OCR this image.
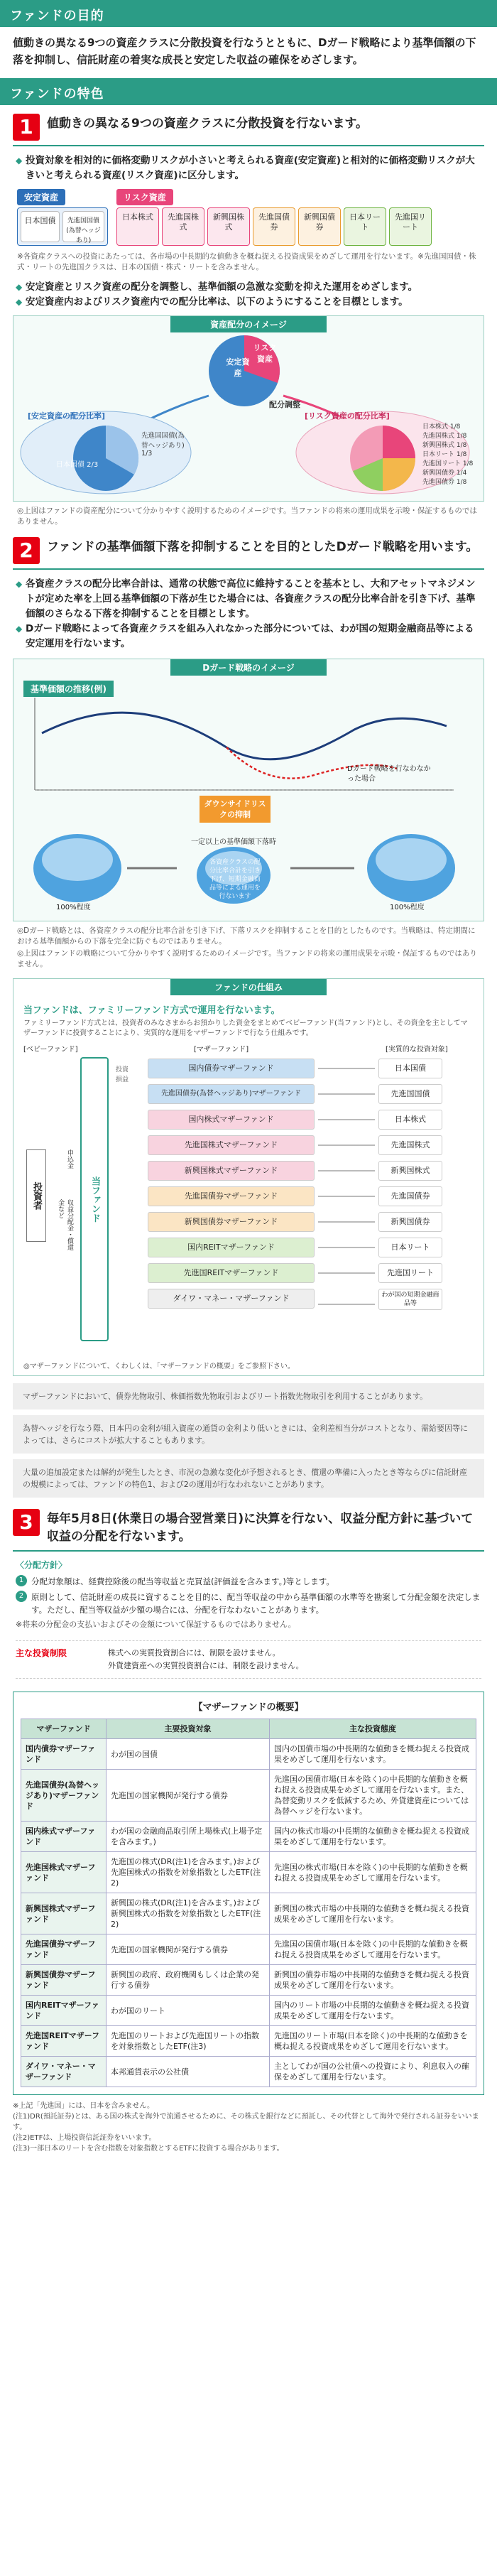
ファンドの目的
値動きの異なる9つの資産クラスに分散投資を行なうとともに、Dガード戦略により基準価額の下落を抑制し、信託財産の着実な成長と安定した収益の確保をめざします。
ファンドの特色
1	値動きの異なる9つの資産クラスに分散投資を行ないます。
◆ 投資対象を相対的に価格変動リスクが小さいと考えられる資産(安定資産)と相対的に価格変動リスクが大きいと考えられる資産(リスク資産)に区分します。
安定資産	リスク資産
日本国債	先進国国債(為替ヘッジあり)
日本株式	先進国株式
新興国株式
先進国債券
新興国債券
日本リート
先進国リート
※各資産クラスへの投資にあたっては、各市場の中長期的な値動きを概ね捉える投資成果をめざして運用を行ないます。※先進国国債・株式・リートの先進国クラスは、日本の国債・株式・リートを含みません。
◆ 安定資産とリスク資産の配分を調整し、基準価額の急激な変動を抑えた運用をめざします。
◆ 安定資産内およびリスク資産内での配分比率は、以下のようにすることを目標とします。
資産配分のイメージ
安定資産
リスク資産
配分調整
[安定資産の配分比率]
日本国債 2/3
先進国国債(為替ヘッジあり) 1/3
[リスク資産の配分比率]
日本株式 1/8
先進国株式 1/8
新興国株式 1/8
日本リート 1/8
先進国リート 1/8
新興国債券 1/4
先進国債券 1/8
◎上図はファンドの資産配分について分かりやすく説明するためのイメージです。当ファンドの将来の運用成果を示唆・保証するものではありません。
2	ファンドの基準価額下落を抑制することを目的としたDガード戦略を用います。
◆ 各資産クラスの配分比率合計は、通常の状態で高位に維持することを基本とし、大和アセットマネジメントが定めた率を上回る基準価額の下落が生じた場合には、各資産クラスの配分比率合計を引き下げ、基準価額のさらなる下落を抑制することを目標とします。
◆ Dガード戦略によって各資産クラスを組み入れなかった部分については、わが国の短期金融商品等による安定運用を行ないます。
Dガード戦略のイメージ
基準価額の推移(例)
Dガード戦略を行なわなかった場合
ダウンサイドリスクの抑制
一定以上の基準価額下落時
100%程度	100%程度
各資産クラスの配分比率合計を引き下げ、短期金融商品等による運用を行ないます
◎Dガード戦略とは、各資産クラスの配分比率合計を引き下げ、下落リスクを抑制することを目的としたものです。当戦略は、特定期間における基準価額からの下落を完全に防ぐものではありません。
◎上図はファンドの戦略について分かりやすく説明するためのイメージです。当ファンドの将来の運用成果を示唆・保証するものではありません。
ファンドの仕組み
当ファンドは、ファミリーファンド方式で運用を行ないます。
ファミリーファンド方式とは、投資者のみなさまからお預かりした資金をまとめてベビーファンド(当ファンド)とし、その資金を主としてマザーファンドに投資することにより、実質的な運用をマザーファンドで行なう仕組みです。
[ベビーファンド]	[マザーファンド]	[実質的な投資対象]
投資者
申込金
収益分配金・償還金など	当ファンド
国内債券マザーファンド
先進国債券(為替ヘッジあり)マザーファンド
国内株式マザーファンド
先進国株式マザーファンド
新興国株式マザーファンド
先進国債券マザーファンド
新興国債券マザーファンド
国内REITマザーファンド
先進国REITマザーファンド
ダイワ・マネー・マザーファンド
投資
損益
日本国債
先進国国債
日本株式
先進国株式
新興国株式
先進国債券
新興国債券
日本リート
先進国リート
わが国の短期金融商品等
◎マザーファンドについて、くわしくは、「マザーファンドの概要」をご参照下さい。
マザーファンドにおいて、債券先物取引、株価指数先物取引およびリート指数先物取引を利用することがあります。
為替ヘッジを行なう際、日本円の金利が組入資産の通貨の金利より低いときには、金利差相当分がコストとなり、需給要因等によっては、さらにコストが拡大することもあります。
大量の追加設定または解約が発生したとき、市況の急激な変化が予想されるとき、償還の準備に入ったとき等ならびに信託財産の規模によっては、ファンドの特色1、および2の運用が行なわれないことがあります。
3	毎年5月8日(休業日の場合翌営業日)に決算を行ない、収益分配方針に基づいて収益の分配を行ないます。
〈分配方針〉
1 分配対象額は、経費控除後の配当等収益と売買益(評価益を含みます。)等とします。
2 原則として、信託財産の成長に資することを目的に、配当等収益の中から基準価額の水準等を勘案して分配金額を決定します。ただし、配当等収益が少額の場合には、分配を行なわないことがあります。
※将来の分配金の支払いおよびその金額について保証するものではありません。
主な投資制限	株式への実質投資割合には、制限を設けません。
外貨建資産への実質投資割合には、制限を設けません。
【マザーファンドの概要】
マザーファンド	主要投資対象	主な投資態度
国内債券マザーファンド	わが国の国債	国内の国債市場の中長期的な値動きを概ね捉える投資成果をめざして運用を行ないます。
先進国債券(為替ヘッジあり)マザーファンド	先進国の国家機関が発行する債券	先進国の国債市場(日本を除く)の中長期的な値動きを概ね捉える投資成果をめざして運用を行ないます。また、為替変動リスクを低減するため、外貨建資産については為替ヘッジを行ないます。
国内株式マザーファンド	わが国の金融商品取引所上場株式(上場予定を含みます。)	国内の株式市場の中長期的な値動きを概ね捉える投資成果をめざして運用を行ないます。
先進国株式マザーファンド	先進国の株式(DR(注1)を含みます。)および先進国株式の指数を対象指数としたETF(注2)	先進国の株式市場(日本を除く)の中長期的な値動きを概ね捉える投資成果をめざして運用を行ないます。
新興国株式マザーファンド	新興国の株式(DR(注1)を含みます。)および新興国株式の指数を対象指数としたETF(注2)	新興国の株式市場の中長期的な値動きを概ね捉える投資成果をめざして運用を行ないます。
先進国債券マザーファンド	先進国の国家機関が発行する債券	先進国の国債市場(日本を除く)の中長期的な値動きを概ね捉える投資成果をめざして運用を行ないます。
新興国債券マザーファンド	新興国の政府、政府機関もしくは企業の発行する債券	新興国の債券市場の中長期的な値動きを概ね捉える投資成果をめざして運用を行ないます。
国内REITマザーファンド	わが国のリート	国内のリート市場の中長期的な値動きを概ね捉える投資成果をめざして運用を行ないます。
先進国REITマザーファンド	先進国のリートおよび先進国リートの指数を対象指数としたETF(注3)	先進国のリート市場(日本を除く)の中長期的な値動きを概ね捉える投資成果をめざして運用を行ないます。
ダイワ・マネー・マザーファンド	本邦通貨表示の公社債	主としてわが国の公社債への投資により、利息収入の確保をめざして運用を行ないます。
※上記「先進国」には、日本を含みません。
(注1)DR(預託証券)とは、ある国の株式を海外で流通させるために、その株式を銀行などに預託し、その代替として海外で発行される証券をいいます。
(注2)ETFは、上場投資信託証券をいいます。
(注3)一部日本のリートを含む指数を対象指数とするETFに投資する場合があります。
